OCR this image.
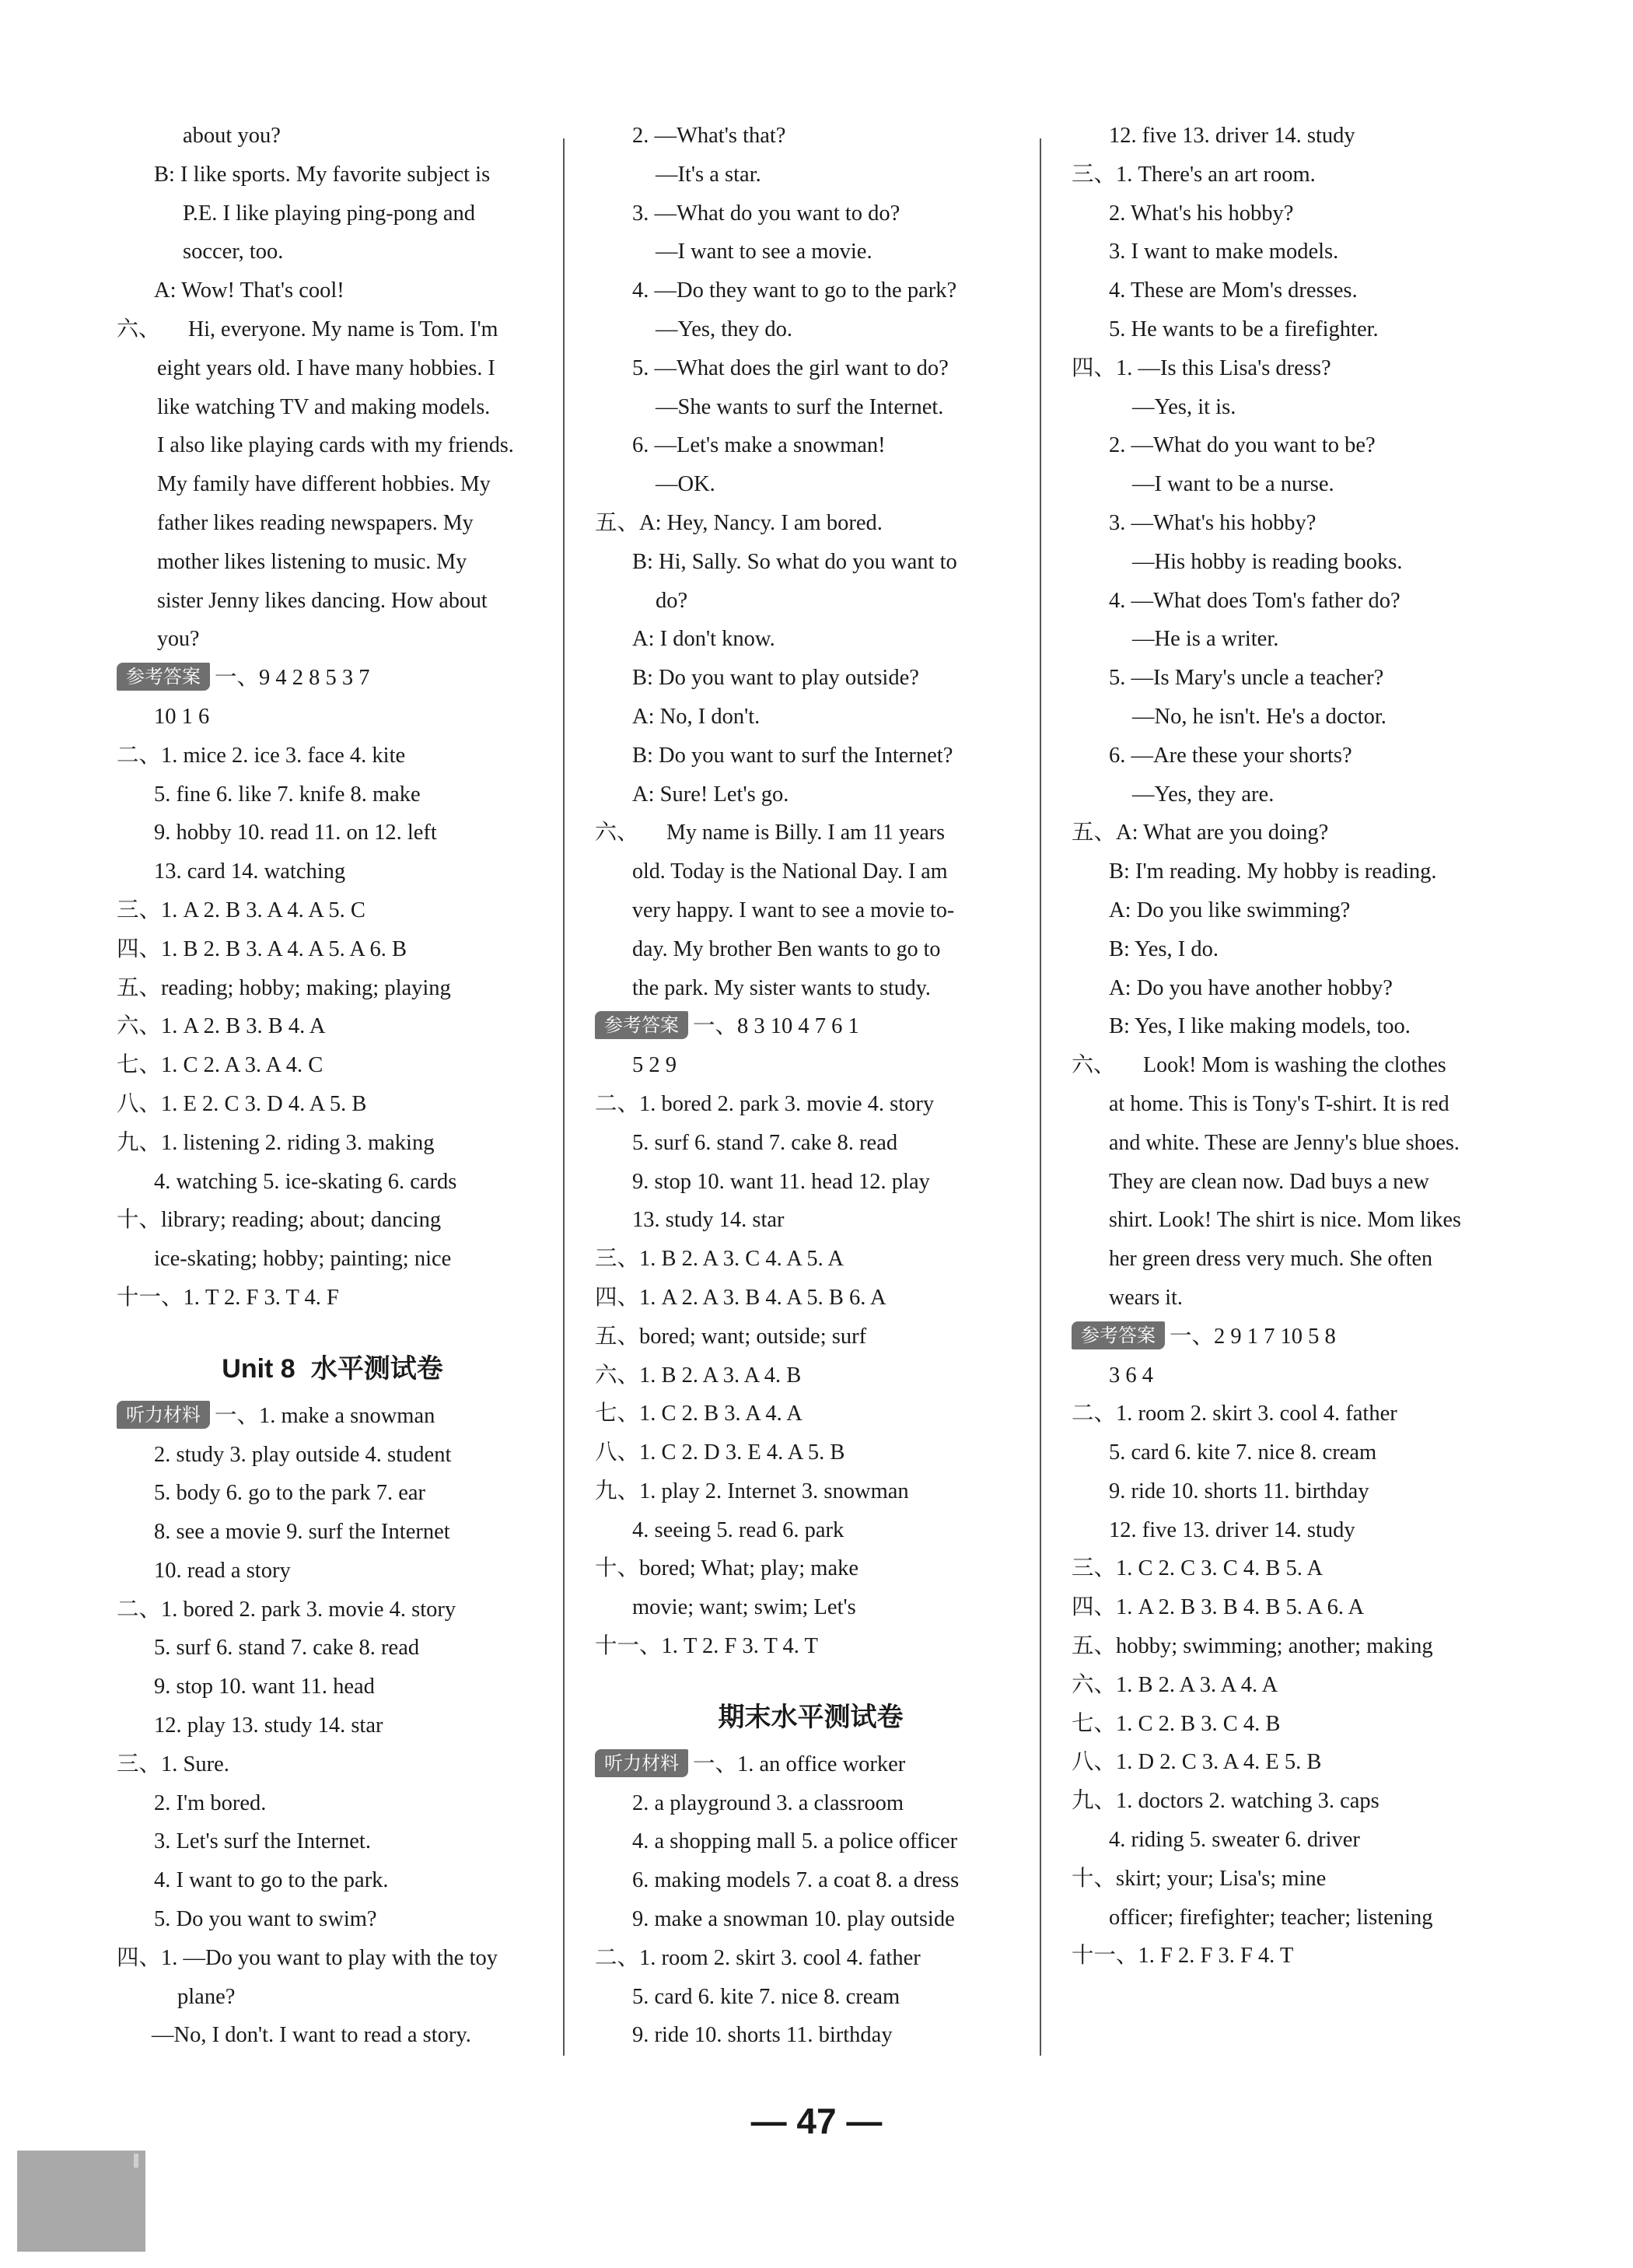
about you?
B: I like sports. My favorite subject is
P.E. I like playing ping-pong and
soccer, too.
A: Wow! That's cool!
六、 Hi, everyone. My name is Tom. I'm
eight years old. I have many hobbies. I
like watching TV and making models.
I also like playing cards with my friends.
My family have different hobbies. My
father likes reading newspapers. My
mother likes listening to music. My
sister Jenny likes dancing. How about
you?
参考答案 一、9 4 2 8 5 3 7
10 1 6
二、1. mice 2. ice 3. face 4. kite
5. fine 6. like 7. knife 8. make
9. hobby 10. read 11. on 12. left
13. card 14. watching
三、1. A 2. B 3. A 4. A 5. C
四、1. B 2. B 3. A 4. A 5. A 6. B
五、reading; hobby; making; playing
六、1. A 2. B 3. B 4. A
七、1. C 2. A 3. A 4. C
八、1. E 2. C 3. D 4. A 5. B
九、1. listening 2. riding 3. making
4. watching 5. ice-skating 6. cards
十、library; reading; about; dancing
ice-skating; hobby; painting; nice
十一、1. T 2. F 3. T 4. F
Unit 8 水平测试卷
听力材料 一、1. make a snowman
2. study 3. play outside 4. student
5. body 6. go to the park 7. ear
8. see a movie 9. surf the Internet
10. read a story
二、1. bored 2. park 3. movie 4. story
5. surf 6. stand 7. cake 8. read
9. stop 10. want 11. head
12. play 13. study 14. star
三、1. Sure.
2. I'm bored.
3. Let's surf the Internet.
4. I want to go to the park.
5. Do you want to swim?
四、1. —Do you want to play with the toy
plane?
—No, I don't. I want to read a story.
2. —What's that?
—It's a star.
3. —What do you want to do?
—I want to see a movie.
4. —Do they want to go to the park?
—Yes, they do.
5. —What does the girl want to do?
—She wants to surf the Internet.
6. —Let's make a snowman!
—OK.
五、A: Hey, Nancy. I am bored.
B: Hi, Sally. So what do you want to
do?
A: I don't know.
B: Do you want to play outside?
A: No, I don't.
B: Do you want to surf the Internet?
A: Sure! Let's go.
六、 My name is Billy. I am 11 years
old. Today is the National Day. I am
very happy. I want to see a movie to-
day. My brother Ben wants to go to
the park. My sister wants to study.
参考答案 一、8 3 10 4 7 6 1
5 2 9
二、1. bored 2. park 3. movie 4. story
5. surf 6. stand 7. cake 8. read
9. stop 10. want 11. head 12. play
13. study 14. star
三、1. B 2. A 3. C 4. A 5. A
四、1. A 2. A 3. B 4. A 5. B 6. A
五、bored; want; outside; surf
六、1. B 2. A 3. A 4. B
七、1. C 2. B 3. A 4. A
八、1. C 2. D 3. E 4. A 5. B
九、1. play 2. Internet 3. snowman
4. seeing 5. read 6. park
十、bored; What; play; make
movie; want; swim; Let's
十一、1. T 2. F 3. T 4. T
期末水平测试卷
听力材料 一、1. an office worker
2. a playground 3. a classroom
4. a shopping mall 5. a police officer
6. making models 7. a coat 8. a dress
9. make a snowman 10. play outside
二、1. room 2. skirt 3. cool 4. father
5. card 6. kite 7. nice 8. cream
9. ride 10. shorts 11. birthday
12. five 13. driver 14. study
三、1. There's an art room.
2. What's his hobby?
3. I want to make models.
4. These are Mom's dresses.
5. He wants to be a firefighter.
四、1. —Is this Lisa's dress?
—Yes, it is.
2. —What do you want to be?
—I want to be a nurse.
3. —What's his hobby?
—His hobby is reading books.
4. —What does Tom's father do?
—He is a writer.
5. —Is Mary's uncle a teacher?
—No, he isn't. He's a doctor.
6. —Are these your shorts?
—Yes, they are.
五、A: What are you doing?
B: I'm reading. My hobby is reading.
A: Do you like swimming?
B: Yes, I do.
A: Do you have another hobby?
B: Yes, I like making models, too.
六、 Look! Mom is washing the clothes
at home. This is Tony's T-shirt. It is red
and white. These are Jenny's blue shoes.
They are clean now. Dad buys a new
shirt. Look! The shirt is nice. Mom likes
her green dress very much. She often
wears it.
参考答案 一、2 9 1 7 10 5 8
3 6 4
二、1. room 2. skirt 3. cool 4. father
5. card 6. kite 7. nice 8. cream
9. ride 10. shorts 11. birthday
12. five 13. driver 14. study
三、1. C 2. C 3. C 4. B 5. A
四、1. A 2. B 3. B 4. B 5. A 6. A
五、hobby; swimming; another; making
六、1. B 2. A 3. A 4. A
七、1. C 2. B 3. C 4. B
八、1. D 2. C 3. A 4. E 5. B
九、1. doctors 2. watching 3. caps
4. riding 5. sweater 6. driver
十、skirt; your; Lisa's; mine
officer; firefighter; teacher; listening
十一、1. F 2. F 3. F 4. T
— 47 —
